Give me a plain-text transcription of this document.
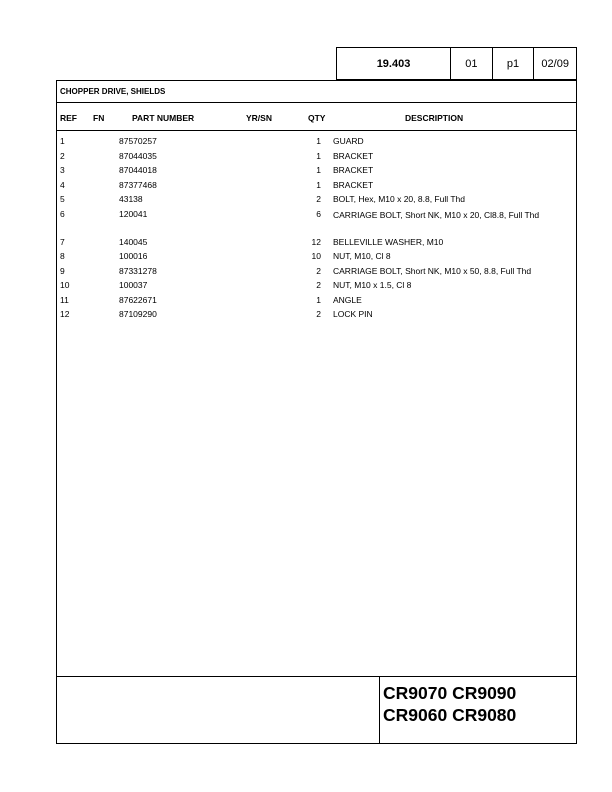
19.403	01	p1	02/09
CHOPPER DRIVE, SHIELDS
REF FN	PART NUMBER	YR/SN	QTY	DESCRIPTION
1	87570257	1 GUARD
2	87044035	1 BRACKET
3	87044018	1 BRACKET
4	87377468	1 BRACKET
5	43138	2 BOLT, Hex, M10 x 20, 8.8, Full Thd
6	120041	6 CARRIAGE BOLT, Short NK, M10 x 20, Cl8.8, Full Thd
7	140045	12 BELLEVILLE WASHER, M10
8	100016	10 NUT, M10, Cl 8
9	87331278	2 CARRIAGE BOLT, Short NK, M10 x 50, 8.8, Full Thd
10	100037	2 NUT, M10 x 1.5, Cl 8
11	87622671	1 ANGLE
12	87109290	2 LOCK PIN
CR9070 CR9090
CR9060 CR9080
